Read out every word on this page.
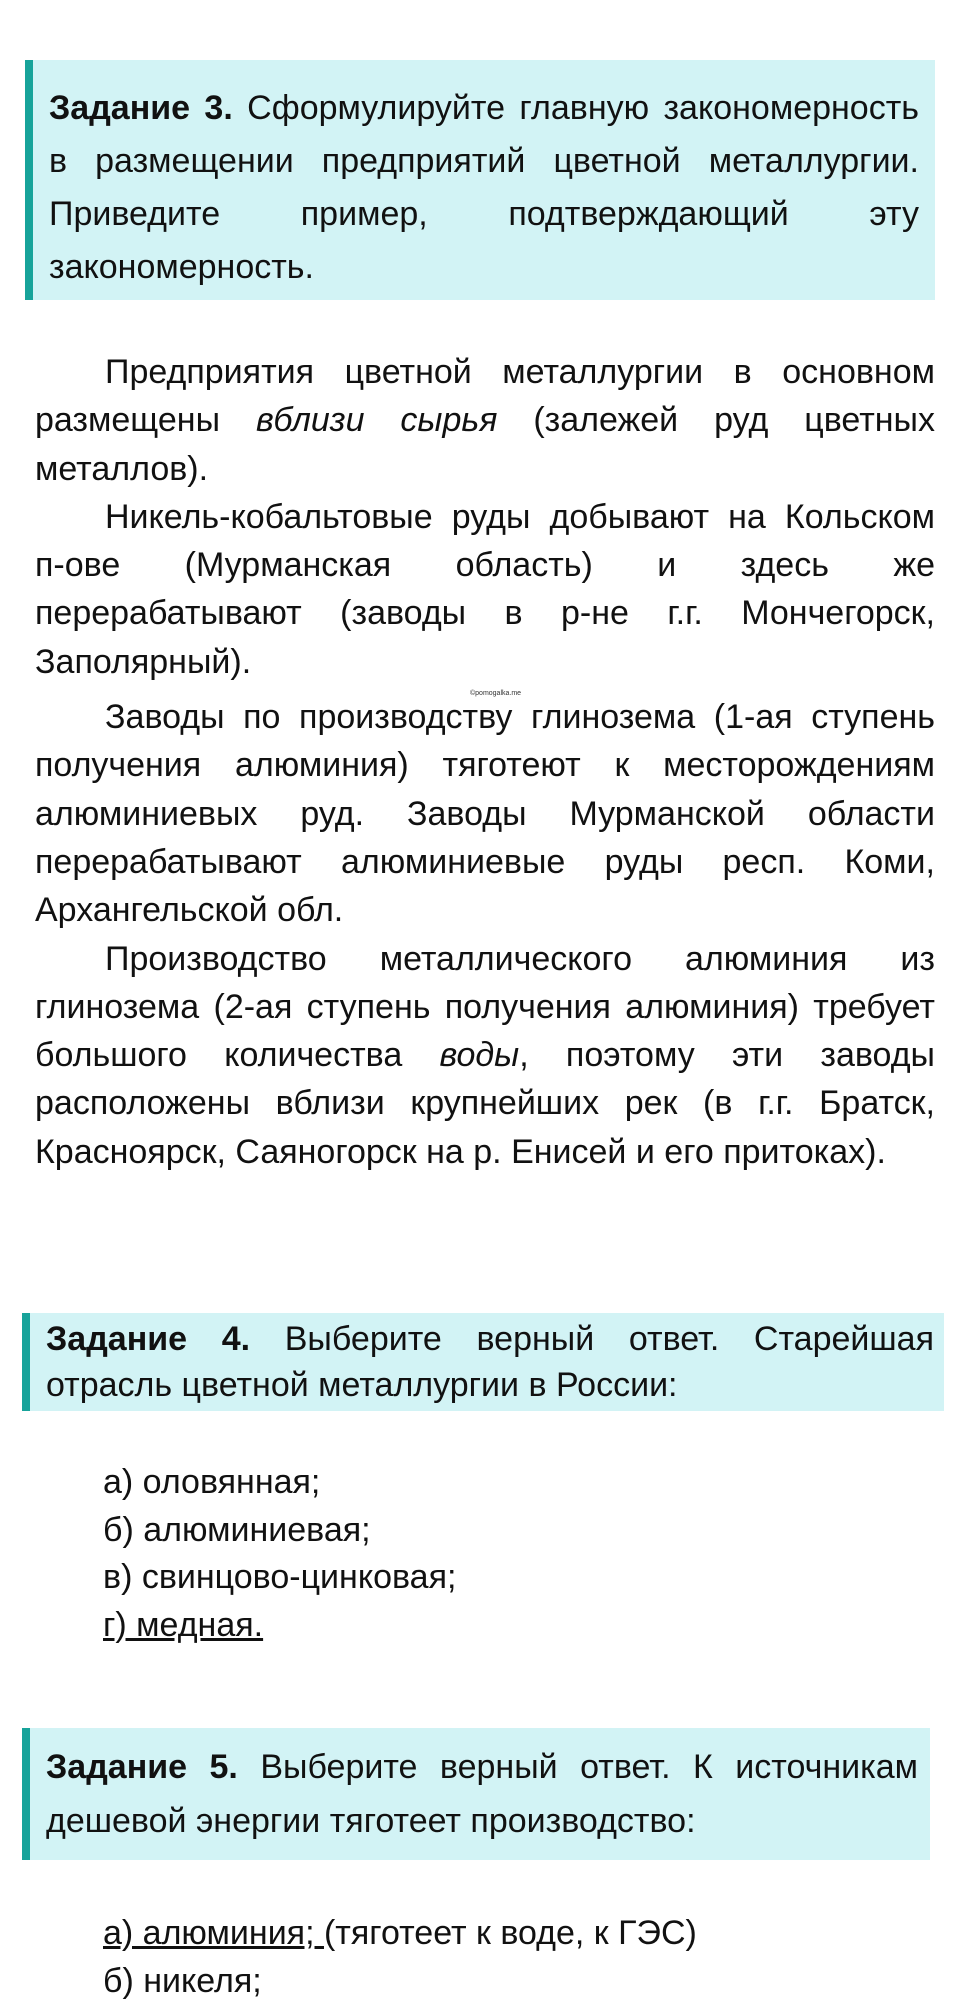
Задание 3. Сформулируйте главную закономерность в размещении предприятий цветной металлургии. Приведите пример, подтверждающий эту закономерность.

Предприятия цветной металлургии в основном размещены вблизи сырья (залежей руд цветных металлов).

Никель-кобальтовые руды добывают на Кольском п-ове (Мурманская область) и здесь же перерабатывают (заводы в р-не г.г. Мончегорск, Заполярный).

Заводы по производству глинозема (1-ая ступень получения алюминия) тяготеют к месторождениям алюминиевых руд. Заводы Мурманской области перерабатывают алюминиевые руды респ. Коми, Архангельской обл.

Производство металлического алюминия из глинозема (2-ая ступень получения алюминия) требует большого количества воды, поэтому эти заводы расположены вблизи крупнейших рек (в г.г. Братск, Красноярск, Саяногорск на р. Енисей и его притоках).

©pomogalka.me
Задание 4. Выберите верный ответ. Старейшая отрасль цветной металлургии в России:
а) оловянная;
б) алюминиевая;
в) свинцово-цинковая;
г) медная.
Задание 5. Выберите верный ответ. К источникам дешевой энергии тяготеет производство:
а) алюминия; (тяготеет к воде, к ГЭС)
б) никеля;
